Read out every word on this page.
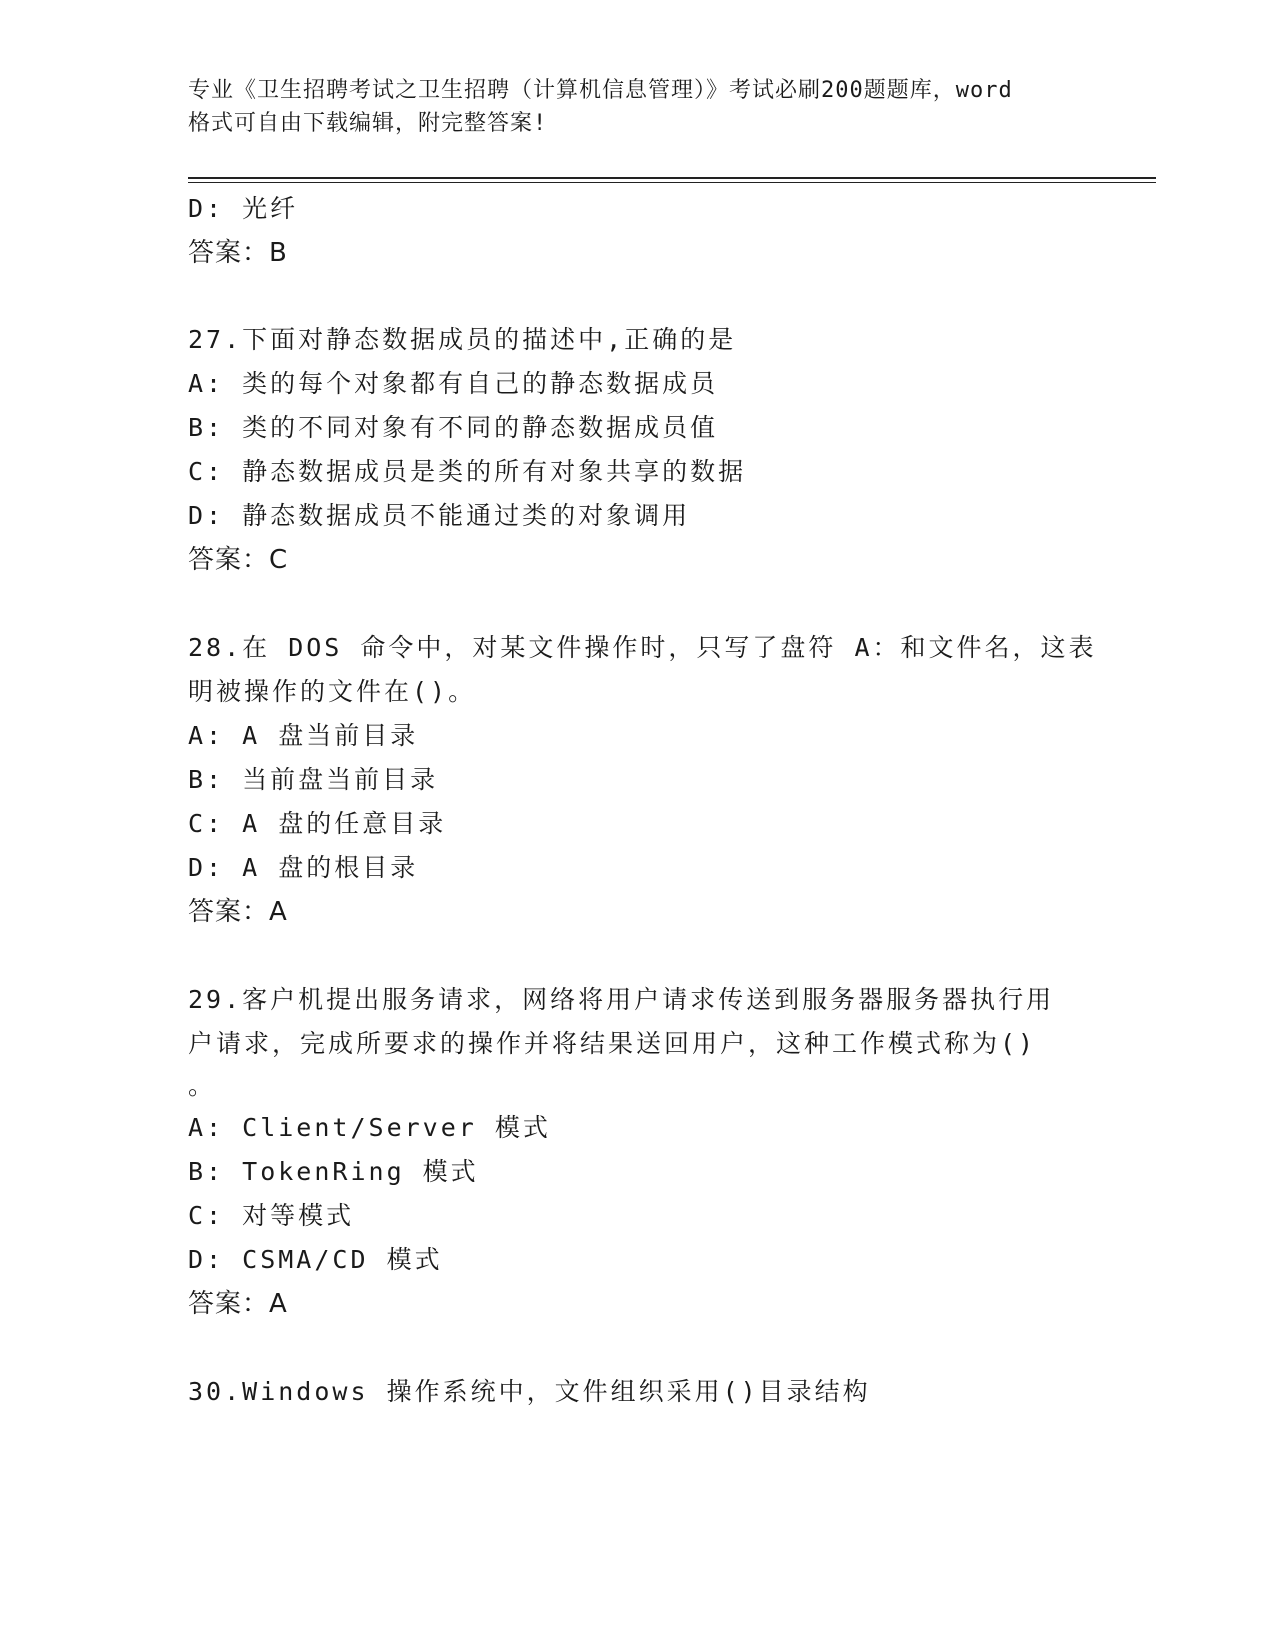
专业《卫生招聘考试之卫生招聘（计算机信息管理）》考试必刷200题题库，word
格式可自由下载编辑，附完整答案!
D: 光纤
答案：B
27.下面对静态数据成员的描述中,正确的是
A: 类的每个对象都有自己的静态数据成员
B: 类的不同对象有不同的静态数据成员值
C: 静态数据成员是类的所有对象共享的数据
D: 静态数据成员不能通过类的对象调用
答案：C
28.在 DOS 命令中，对某文件操作时，只写了盘符 A：和文件名，这表
明被操作的文件在()。
A: A 盘当前目录
B: 当前盘当前目录
C: A 盘的任意目录
D: A 盘的根目录
答案：A
29.客户机提出服务请求，网络将用户请求传送到服务器服务器执行用
户请求，完成所要求的操作并将结果送回用户，这种工作模式称为()
。
A: Client/Server 模式
B: TokenRing 模式
C: 对等模式
D: CSMA/CD 模式
答案：A
30.Windows 操作系统中，文件组织采用()目录结构
